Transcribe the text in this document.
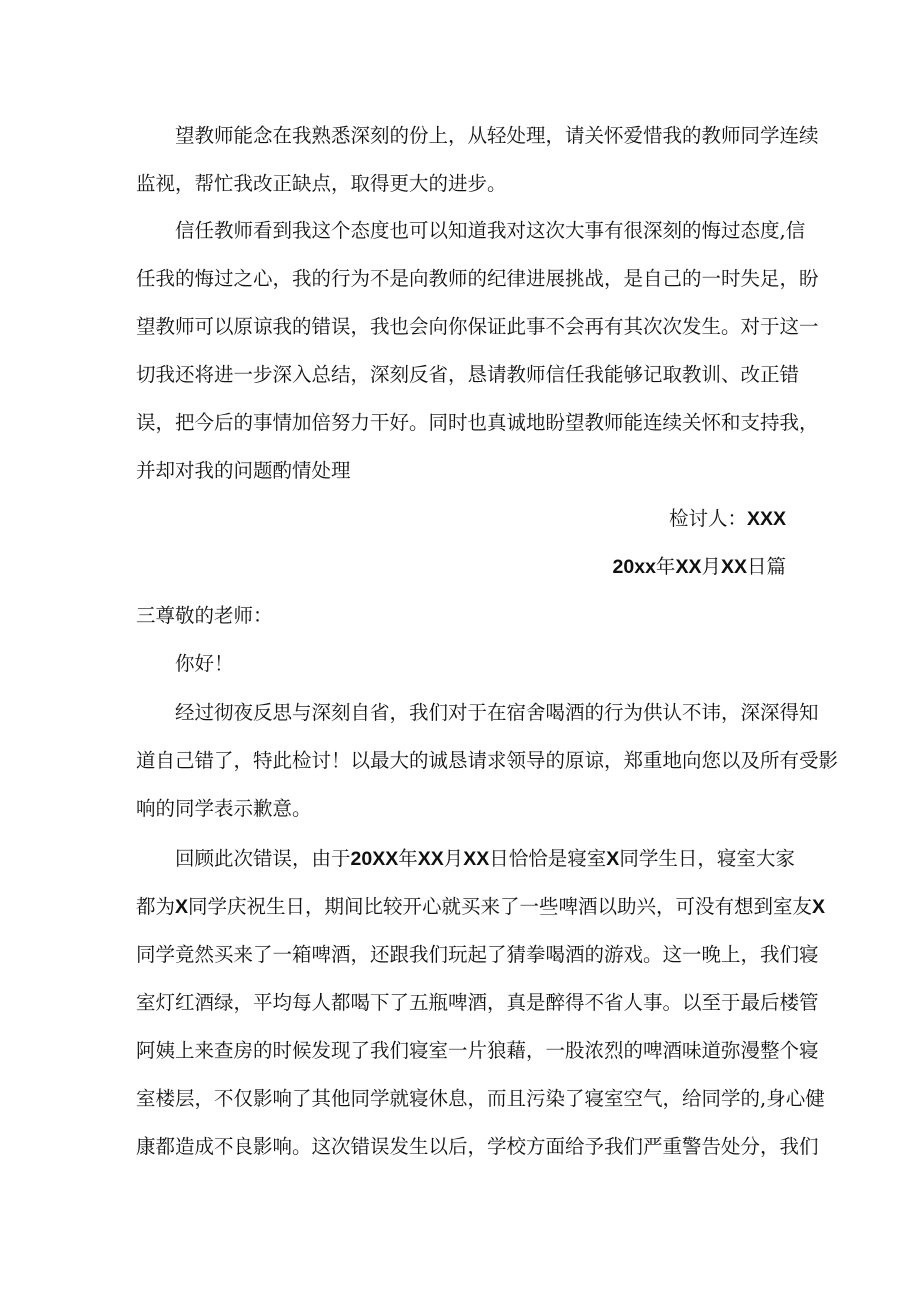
望教师能念在我熟悉深刻的份上，从轻处理，请关怀爱惜我的教师同学连续
监视，帮忙我改正缺点，取得更大的进步。
信任教师看到我这个态度也可以知道我对这次大事有很深刻的悔过态度,信
任我的悔过之心，我的行为不是向教师的纪律进展挑战，是自己的一时失足，盼
望教师可以原谅我的错误，我也会向你保证此事不会再有其次次发生。对于这一
切我还将进一步深入总结，深刻反省，恳请教师信任我能够记取教训、改正错
误，把今后的事情加倍努力干好。同时也真诚地盼望教师能连续关怀和支持我，
并却对我的问题酌情处理
检讨人：XXX
20xx年XX月XX日篇
三尊敬的老师：
你好！
经过彻夜反思与深刻自省，我们对于在宿舍喝酒的行为供认不讳，深深得知
道自己错了，特此检讨！以最大的诚恳请求领导的原谅，郑重地向您以及所有受影
响的同学表示歉意。
回顾此次错误，由于20XX年XX月XX日恰恰是寝室X同学生日，寝室大家
都为X同学庆祝生日，期间比较开心就买来了一些啤酒以助兴，可没有想到室友X
同学竟然买来了一箱啤酒，还跟我们玩起了猜拳喝酒的游戏。这一晚上，我们寝
室灯红酒绿，平均每人都喝下了五瓶啤酒，真是醉得不省人事。以至于最后楼管
阿姨上来查房的时候发现了我们寝室一片狼藉，一股浓烈的啤酒味道弥漫整个寝
室楼层，不仅影响了其他同学就寝休息，而且污染了寝室空气，给同学的,身心健
康都造成不良影响。这次错误发生以后，学校方面给予我们严重警告处分，我们
